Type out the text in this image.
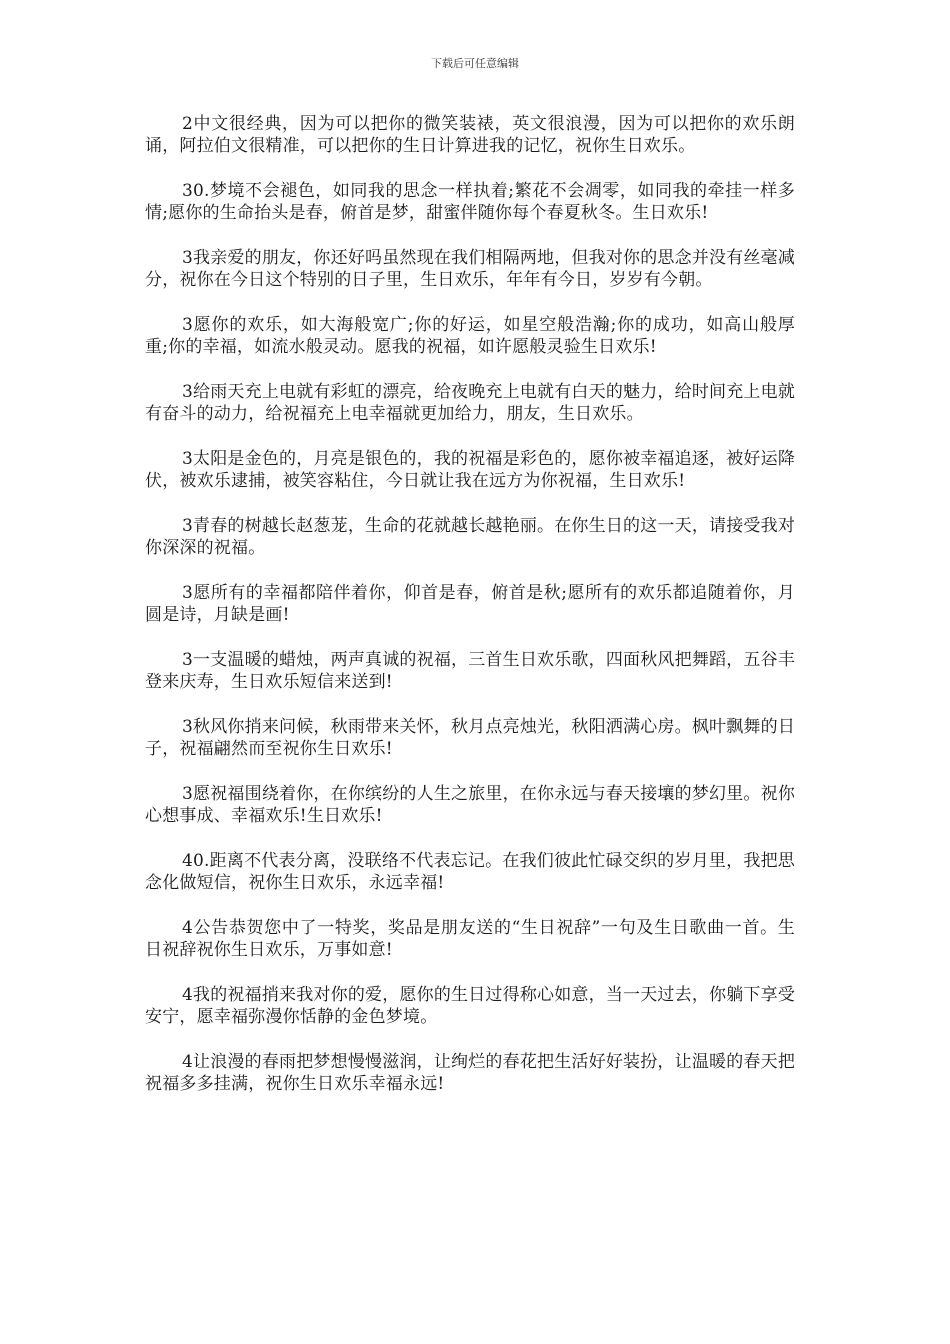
下载后可任意编辑

2中文很经典，因为可以把你的微笑装裱，英文很浪漫，因为可以把你的欢乐朗诵，阿拉伯文很精准，可以把你的生日计算进我的记忆，祝你生日欢乐。

30.梦境不会褪色，如同我的思念一样执着;繁花不会凋零，如同我的牵挂一样多情;愿你的生命抬头是春，俯首是梦，甜蜜伴随你每个春夏秋冬。生日欢乐!

3我亲爱的朋友，你还好吗虽然现在我们相隔两地，但我对你的思念并没有丝毫减分，祝你在今日这个特别的日子里，生日欢乐，年年有今日，岁岁有今朝。

3愿你的欢乐，如大海般宽广;你的好运，如星空般浩瀚;你的成功，如高山般厚重;你的幸福，如流水般灵动。愿我的祝福，如许愿般灵验生日欢乐!

3给雨天充上电就有彩虹的漂亮，给夜晚充上电就有白天的魅力，给时间充上电就有奋斗的动力，给祝福充上电幸福就更加给力，朋友，生日欢乐。

3太阳是金色的，月亮是银色的，我的祝福是彩色的，愿你被幸福追逐，被好运降伏，被欢乐逮捕，被笑容粘住，今日就让我在远方为你祝福，生日欢乐!

3青春的树越长赵葱茏，生命的花就越长越艳丽。在你生日的这一天，请接受我对你深深的祝福。

3愿所有的幸福都陪伴着你，仰首是春，俯首是秋;愿所有的欢乐都追随着你，月圆是诗，月缺是画!

3一支温暖的蜡烛，两声真诚的祝福，三首生日欢乐歌，四面秋风把舞蹈，五谷丰登来庆寿，生日欢乐短信来送到!

3秋风你捎来问候，秋雨带来关怀，秋月点亮烛光，秋阳洒满心房。枫叶飘舞的日子，祝福翩然而至祝你生日欢乐!

3愿祝福围绕着你，在你缤纷的人生之旅里，在你永远与春天接壤的梦幻里。祝你心想事成、幸福欢乐!生日欢乐!

40.距离不代表分离，没联络不代表忘记。在我们彼此忙碌交织的岁月里，我把思念化做短信，祝你生日欢乐，永远幸福!

4公告恭贺您中了一特奖，奖品是朋友送的“生日祝辞”一句及生日歌曲一首。生日祝辞祝你生日欢乐，万事如意!

4我的祝福捎来我对你的爱，愿你的生日过得称心如意，当一天过去，你躺下享受安宁，愿幸福弥漫你恬静的金色梦境。

4让浪漫的春雨把梦想慢慢滋润，让绚烂的春花把生活好好装扮，让温暖的春天把祝福多多挂满，祝你生日欢乐幸福永远!
